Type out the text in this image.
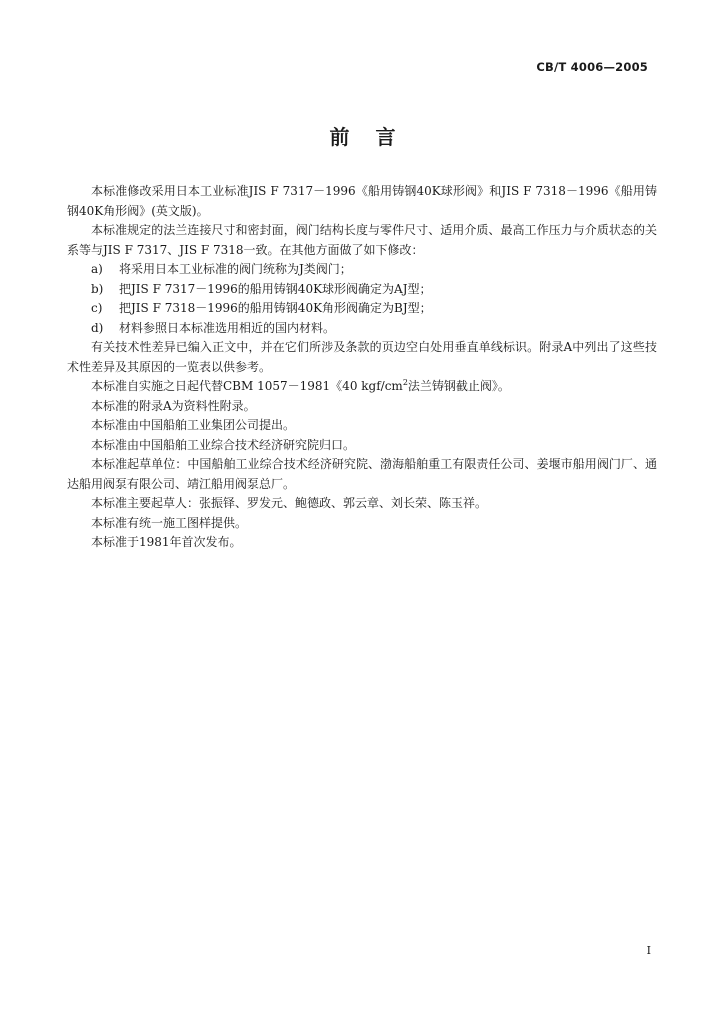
CB/T 4006—2005
前言

本标准修改采用日本工业标准JIS F 7317－1996《船用铸钢40K球形阀》和JIS F 7318－1996《船用铸钢40K角形阀》(英文版)。

本标准规定的法兰连接尺寸和密封面，阀门结构长度与零件尺寸、适用介质、最高工作压力与介质状态的关系等与JIS F 7317、JIS F 7318一致。在其他方面做了如下修改：

a) 将采用日本工业标准的阀门统称为J类阀门；

b) 把JIS F 7317－1996的船用铸钢40K球形阀确定为AJ型；

c) 把JIS F 7318－1996的船用铸钢40K角形阀确定为BJ型；

d) 材料参照日本标准选用相近的国内材料。

有关技术性差异已编入正文中，并在它们所涉及条款的页边空白处用垂直单线标识。附录A中列出了这些技术性差异及其原因的一览表以供参考。

本标准自实施之日起代替CBM 1057－1981《40 kgf/$cm^2$法兰铸钢截止阀》。

本标准的附录A为资料性附录。

本标准由中国船舶工业集团公司提出。

本标准由中国船舶工业综合技术经济研究院归口。

本标准起草单位：中国船舶工业综合技术经济研究院、渤海船舶重工有限责任公司、姜堰市船用阀门厂、通达船用阀泵有限公司、靖江船用阀泵总厂。

本标准主要起草人：张振铎、罗发元、鲍德政、郭云章、刘长荣、陈玉祥。

本标准有统一施工图样提供。

本标准于1981年首次发布。

I
